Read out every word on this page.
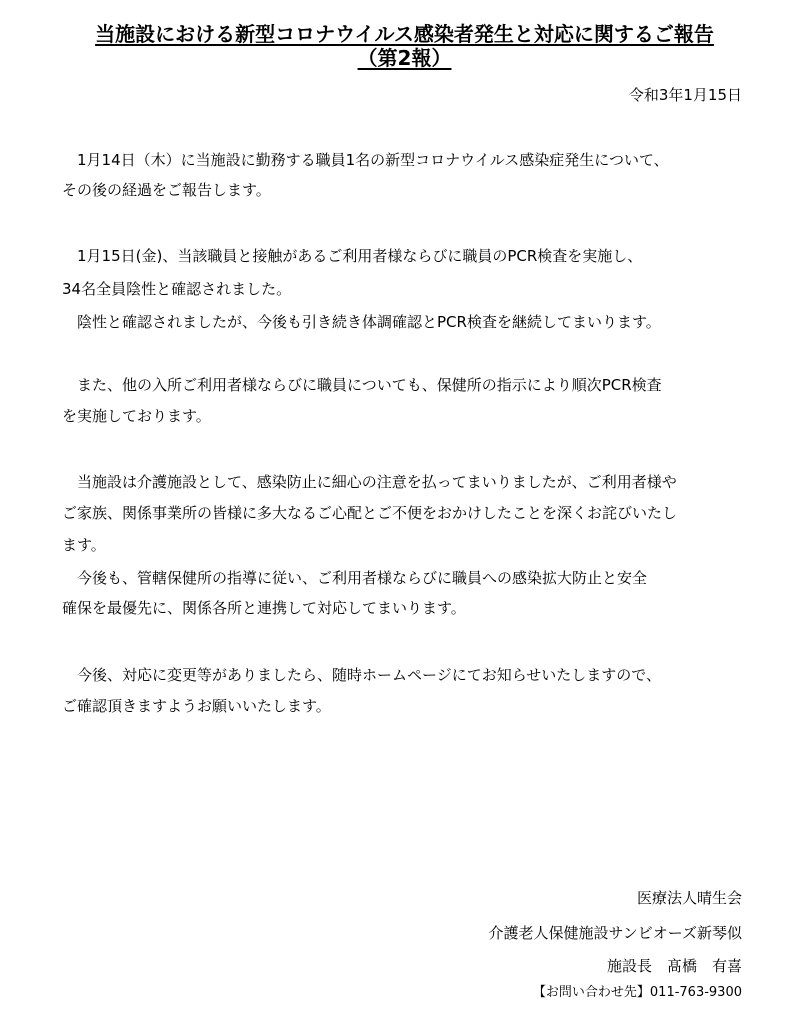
当施設における新型コロナウイルス感染者発生と対応に関するご報告
（第2報）
令和3年1月15日
　1月14日（木）に当施設に勤務する職員1名の新型コロナウイルス感染症発生について、
その後の経過をご報告します。
　1月15日(金)、当該職員と接触があるご利用者様ならびに職員のPCR検査を実施し、
34名全員陰性と確認されました。
　陰性と確認されましたが、今後も引き続き体調確認とPCR検査を継続してまいります。
　また、他の入所ご利用者様ならびに職員についても、保健所の指示により順次PCR検査
を実施しております。
　当施設は介護施設として、感染防止に細心の注意を払ってまいりましたが、ご利用者様や
ご家族、関係事業所の皆様に多大なるご心配とご不便をおかけしたことを深くお詫びいたし
ます。
　今後も、管轄保健所の指導に従い、ご利用者様ならびに職員への感染拡大防止と安全
確保を最優先に、関係各所と連携して対応してまいります。
　今後、対応に変更等がありましたら、随時ホームページにてお知らせいたしますので、
ご確認頂きますようお願いいたします。
医療法人晴生会
介護老人保健施設サンビオーズ新琴似
施設長　髙橋　有喜
【お問い合わせ先】011-763-9300
